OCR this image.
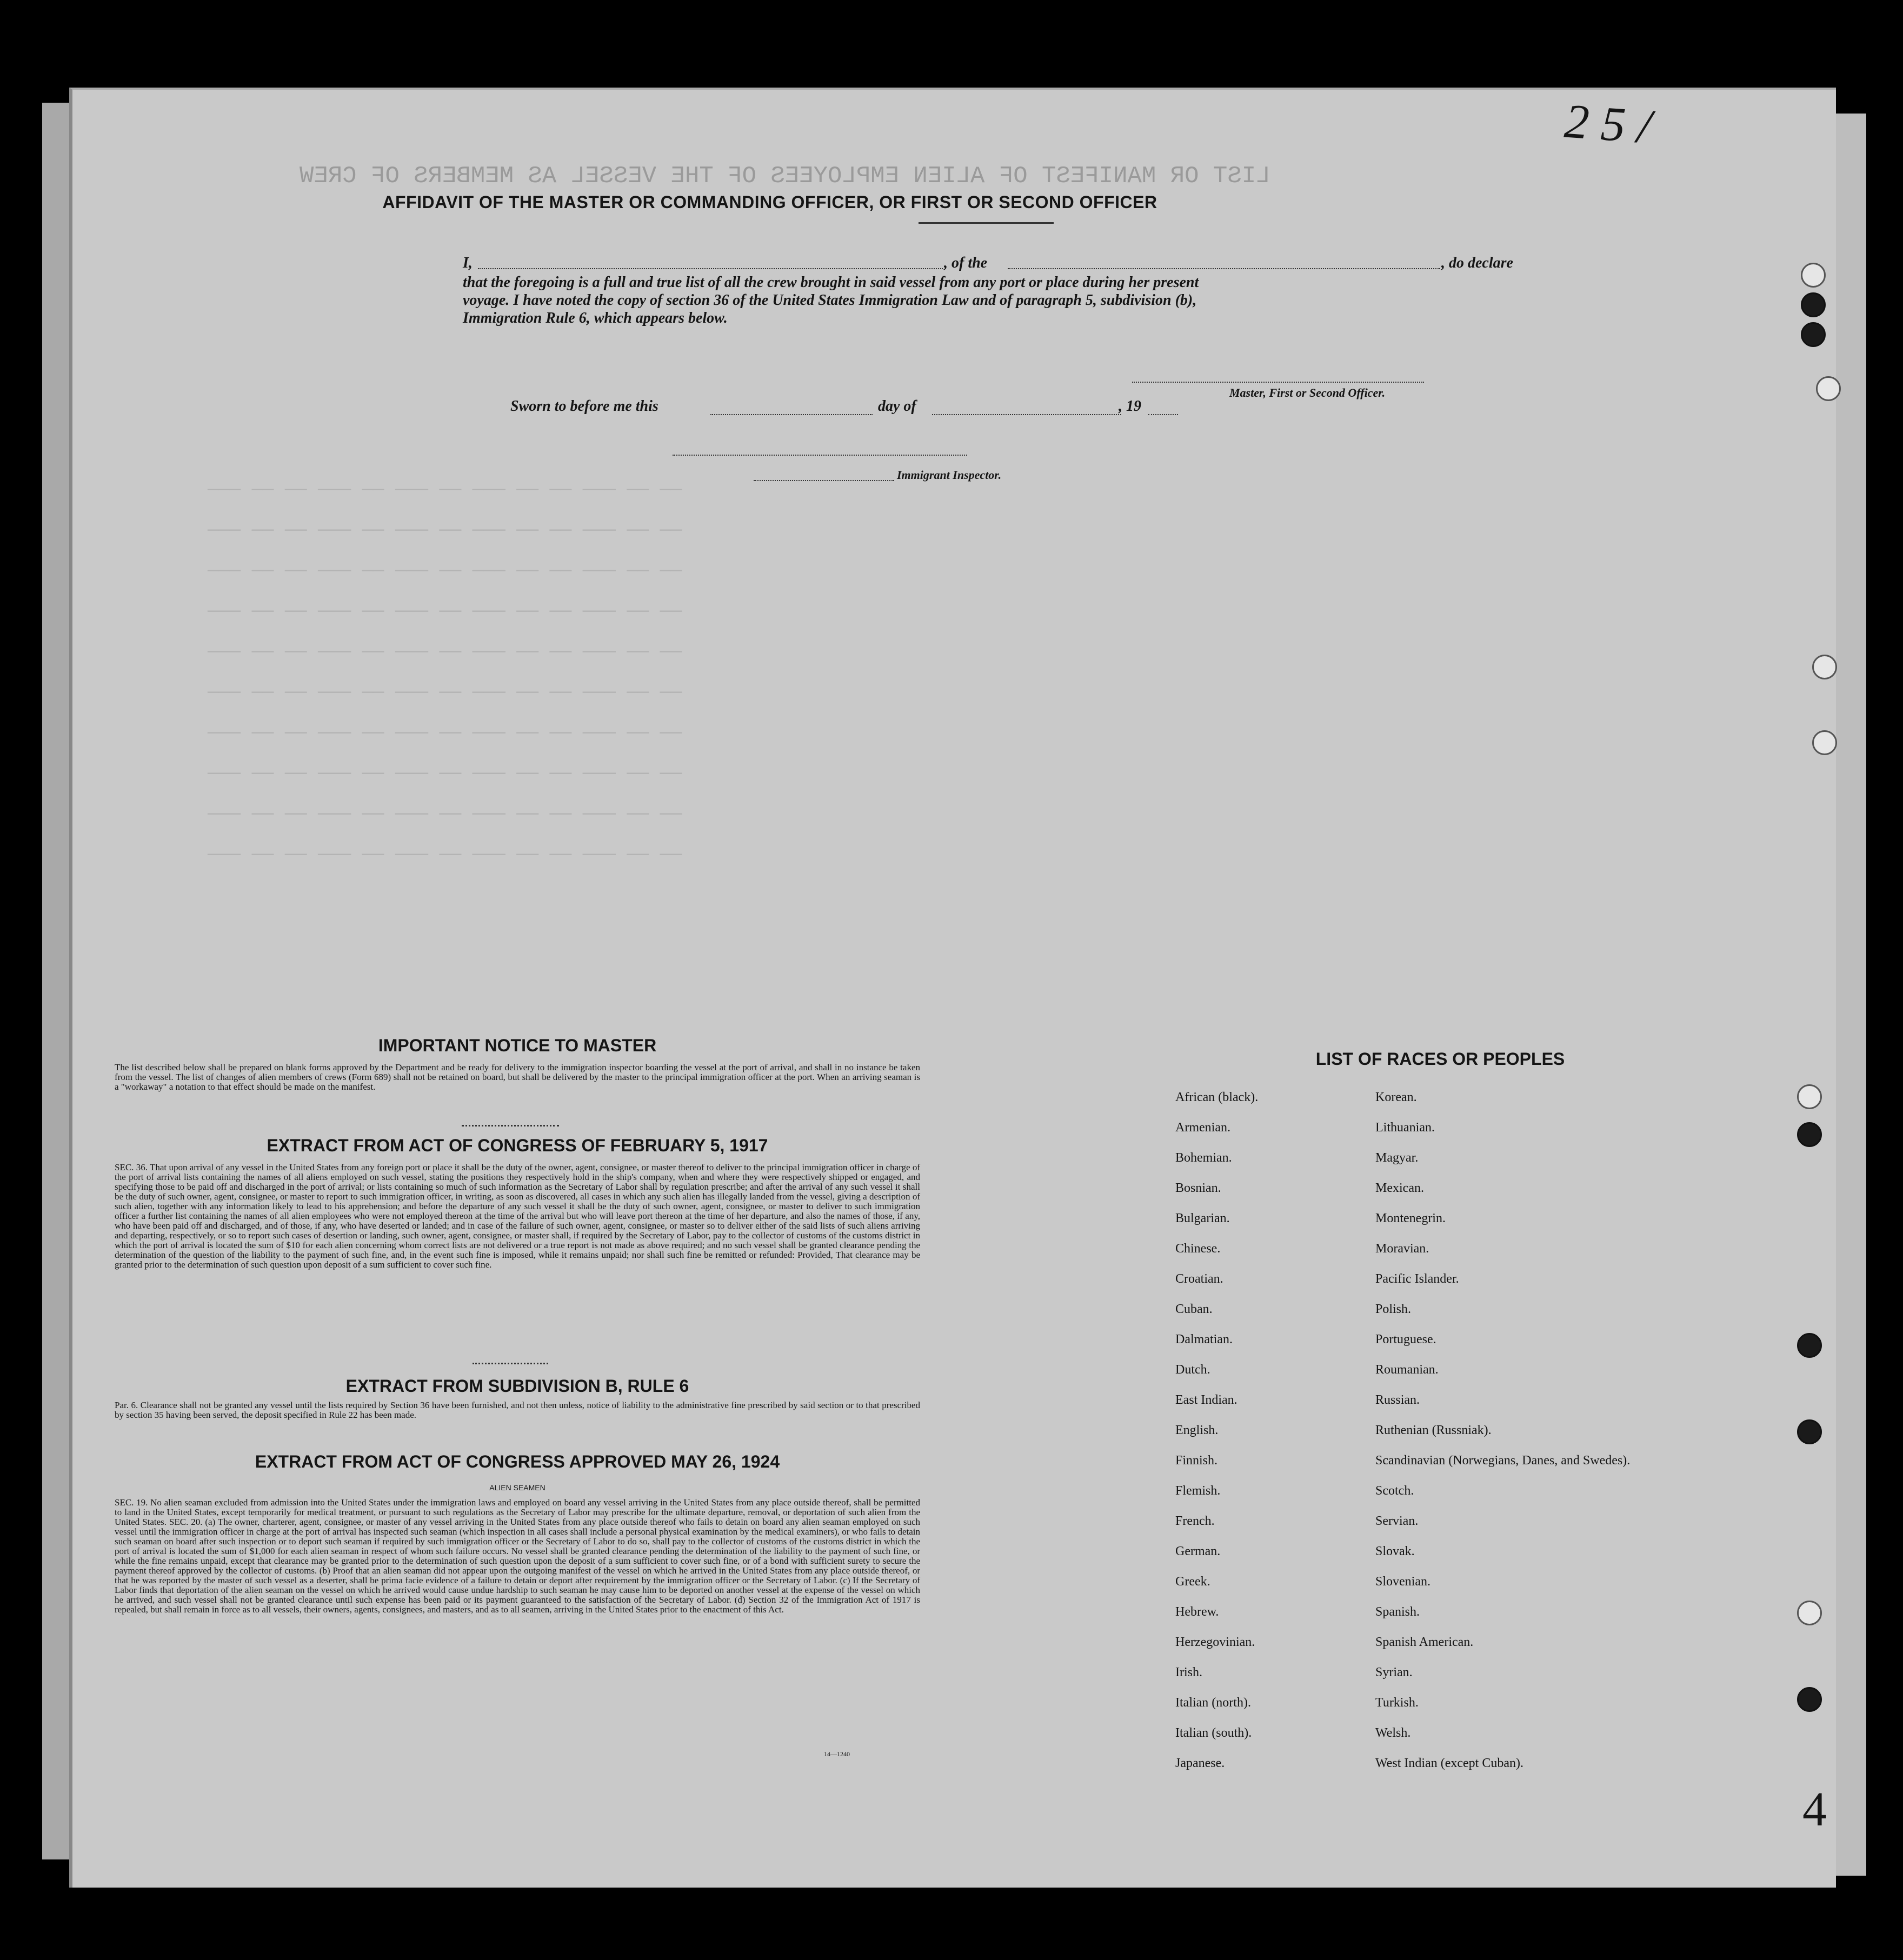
LIST OR MANIFEST OF ALIEN EMPLOYEES OF THE VESSEL AS MEMBERS OF CREW
─── ── ── ─── ── ─── ── ─── ── ── ─── ── ──
─── ── ── ─── ── ─── ── ─── ── ── ─── ── ──
─── ── ── ─── ── ─── ── ─── ── ── ─── ── ──
─── ── ── ─── ── ─── ── ─── ── ── ─── ── ──
─── ── ── ─── ── ─── ── ─── ── ── ─── ── ──
─── ── ── ─── ── ─── ── ─── ── ── ─── ── ──
─── ── ── ─── ── ─── ── ─── ── ── ─── ── ──
─── ── ── ─── ── ─── ── ─── ── ── ─── ── ──
─── ── ── ─── ── ─── ── ─── ── ── ─── ── ──
─── ── ── ─── ── ─── ── ─── ── ── ─── ── ──
2 5 /
4
AFFIDAVIT OF THE MASTER OR COMMANDING OFFICER, OR FIRST OR SECOND OFFICER
I,	, of the	, do declare
that the foregoing is a full and true list of all the crew brought in said vessel from any port or place during her present
voyage. I have noted the copy of section 36 of the United States Immigration Law and of paragraph 5, subdivision (b),
Immigration Rule 6, which appears below.
Master, First or Second Officer.
Sworn to before me this	day of	, 19
Immigrant Inspector.
IMPORTANT NOTICE TO MASTER
The list described below shall be prepared on blank forms approved by the Department and be ready for delivery to the immigration inspector boarding the vessel at the port of arrival, and shall in no instance be taken from the vessel. The list of changes of alien members of crews (Form 689) shall not be retained on board, but shall be delivered by the master to the principal immigration officer at the port. When an arriving seaman is a "workaway" a notation to that effect should be made on the manifest.
EXTRACT FROM ACT OF CONGRESS OF FEBRUARY 5, 1917
SEC. 36. That upon arrival of any vessel in the United States from any foreign port or place it shall be the duty of the owner, agent, consignee, or master thereof to deliver to the principal immigration officer in charge of the port of arrival lists containing the names of all aliens employed on such vessel, stating the positions they respectively hold in the ship's company, when and where they were respectively shipped or engaged, and specifying those to be paid off and discharged in the port of arrival; or lists containing so much of such information as the Secretary of Labor shall by regulation prescribe; and after the arrival of any such vessel it shall be the duty of such owner, agent, consignee, or master to report to such immigration officer, in writing, as soon as discovered, all cases in which any such alien has illegally landed from the vessel, giving a description of such alien, together with any information likely to lead to his apprehension; and before the departure of any such vessel it shall be the duty of such owner, agent, consignee, or master to deliver to such immigration officer a further list containing the names of all alien employees who were not employed thereon at the time of the arrival but who will leave port thereon at the time of her departure, and also the names of those, if any, who have been paid off and discharged, and of those, if any, who have deserted or landed; and in case of the failure of such owner, agent, consignee, or master so to deliver either of the said lists of such aliens arriving and departing, respectively, or so to report such cases of desertion or landing, such owner, agent, consignee, or master shall, if required by the Secretary of Labor, pay to the collector of customs of the customs district in which the port of arrival is located the sum of $10 for each alien concerning whom correct lists are not delivered or a true report is not made as above required; and no such vessel shall be granted clearance pending the determination of the question of the liability to the payment of such fine, and, in the event such fine is imposed, while it remains unpaid; nor shall such fine be remitted or refunded: Provided, That clearance may be granted prior to the determination of such question upon deposit of a sum sufficient to cover such fine.
EXTRACT FROM SUBDIVISION B, RULE 6
Par. 6. Clearance shall not be granted any vessel until the lists required by Section 36 have been furnished, and not then unless, notice of liability to the administrative fine prescribed by said section or to that prescribed by section 35 having been served, the deposit specified in Rule 22 has been made.
EXTRACT FROM ACT OF CONGRESS APPROVED MAY 26, 1924
ALIEN SEAMEN
SEC. 19. No alien seaman excluded from admission into the United States under the immigration laws and employed on board any vessel arriving in the United States from any place outside thereof, shall be permitted to land in the United States, except temporarily for medical treatment, or pursuant to such regulations as the Secretary of Labor may prescribe for the ultimate departure, removal, or deportation of such alien from the United States. SEC. 20. (a) The owner, charterer, agent, consignee, or master of any vessel arriving in the United States from any place outside thereof who fails to detain on board any alien seaman employed on such vessel until the immigration officer in charge at the port of arrival has inspected such seaman (which inspection in all cases shall include a personal physical examination by the medical examiners), or who fails to detain such seaman on board after such inspection or to deport such seaman if required by such immigration officer or the Secretary of Labor to do so, shall pay to the collector of customs of the customs district in which the port of arrival is located the sum of $1,000 for each alien seaman in respect of whom such failure occurs. No vessel shall be granted clearance pending the determination of the liability to the payment of such fine, or while the fine remains unpaid, except that clearance may be granted prior to the determination of such question upon the deposit of a sum sufficient to cover such fine, or of a bond with sufficient surety to secure the payment thereof approved by the collector of customs. (b) Proof that an alien seaman did not appear upon the outgoing manifest of the vessel on which he arrived in the United States from any place outside thereof, or that he was reported by the master of such vessel as a deserter, shall be prima facie evidence of a failure to detain or deport after requirement by the immigration officer or the Secretary of Labor. (c) If the Secretary of Labor finds that deportation of the alien seaman on the vessel on which he arrived would cause undue hardship to such seaman he may cause him to be deported on another vessel at the expense of the vessel on which he arrived, and such vessel shall not be granted clearance until such expense has been paid or its payment guaranteed to the satisfaction of the Secretary of Labor. (d) Section 32 of the Immigration Act of 1917 is repealed, but shall remain in force as to all vessels, their owners, agents, consignees, and masters, and as to all seamen, arriving in the United States prior to the enactment of this Act.
14—1240
LIST OF RACES OR PEOPLES
African (black).
Armenian.
Bohemian.
Bosnian.
Bulgarian.
Chinese.
Croatian.
Cuban.
Dalmatian.
Dutch.
East Indian.
English.
Finnish.
Flemish.
French.
German.
Greek.
Hebrew.
Herzegovinian.
Irish.
Italian (north).
Italian (south).
Japanese.
Korean.
Lithuanian.
Magyar.
Mexican.
Montenegrin.
Moravian.
Pacific Islander.
Polish.
Portuguese.
Roumanian.
Russian.
Ruthenian (Russniak).
Scandinavian (Norwegians, Danes, and Swedes).
Scotch.
Servian.
Slovak.
Slovenian.
Spanish.
Spanish American.
Syrian.
Turkish.
Welsh.
West Indian (except Cuban).
